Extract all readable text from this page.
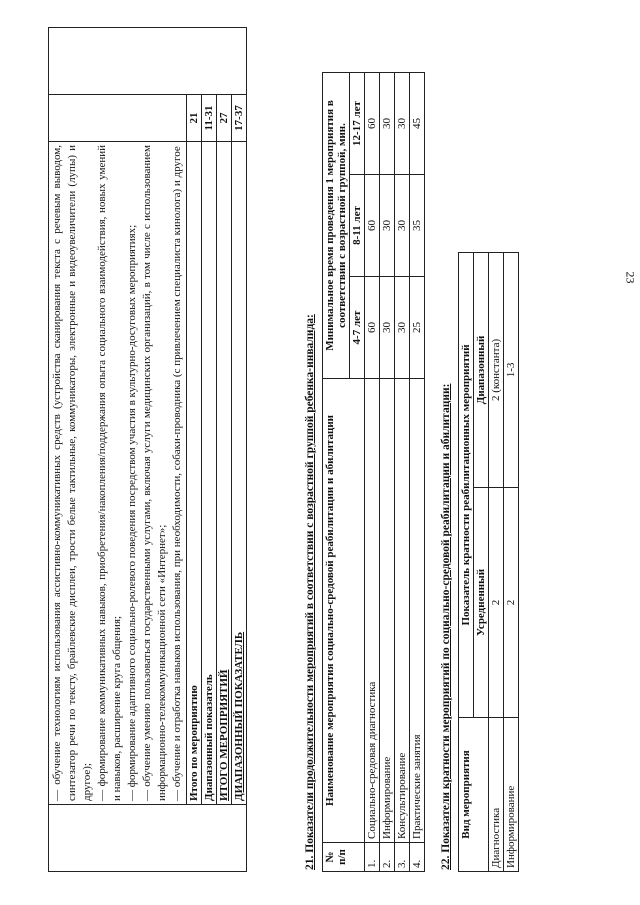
23

	— обучение технологиям использования ассистивно-коммуникативных средств (устройства сканирования текста с речевым выводом, синтезатор речи по тексту, брайлевские дисплеи, трости белые тактильные, коммуникаторы, электронные и видеоувеличители (лупы) и другое); — формирование коммуникативных навыков, приобретения/накопления/поддержания опыта социального взаимодействия, новых умений и навыков, расширение круга общения; — формирование адаптивного социально-ролевого поведения посредством участия в культурно-досуговых мероприятиях; — обучение умению пользоваться государственными услугами, включая услуги медицинских организаций, в том числе с использованием информационно-телекоммуникационной сети «Интернет»; — обучение и отработка навыков использования, при необходимости, собаки-проводника (с привлечением специалиста кинолога) и другое		

	Итого по мероприятию	21	
	Диапазонный показатель	11-31	
	ИТОГО МЕРОПРИЯТИЙ	27	
	ДИАПАЗОННЫЙ ПОКАЗАТЕЛЬ	17-37	
21. Показатели продолжительности мероприятий в соответствии с возрастной группой ребенка-инвалида: № п/п	Наименование мероприятия социально-средовой реабилитации и абилитации	Минимальное время проведения 1 мероприятия в соответствии с возрастной группой, мин.		
		4-7 лет	8-11 лет	12-17 лет
1.	Социально-средовая диагностика	60	60	60
2.	Информирование	30	30	30
3.	Консультирование	30	30	30
4.	Практические занятия	25	35	45
22. Показатели кратности мероприятий по социально-средовой реабилитации и абилитации: Вид мероприятия	Показатель кратности реабилитационных мероприятий	
	Усредненный	Диапазонный
Диагностика	2	2 (константа)
Информирование	2	1-3
